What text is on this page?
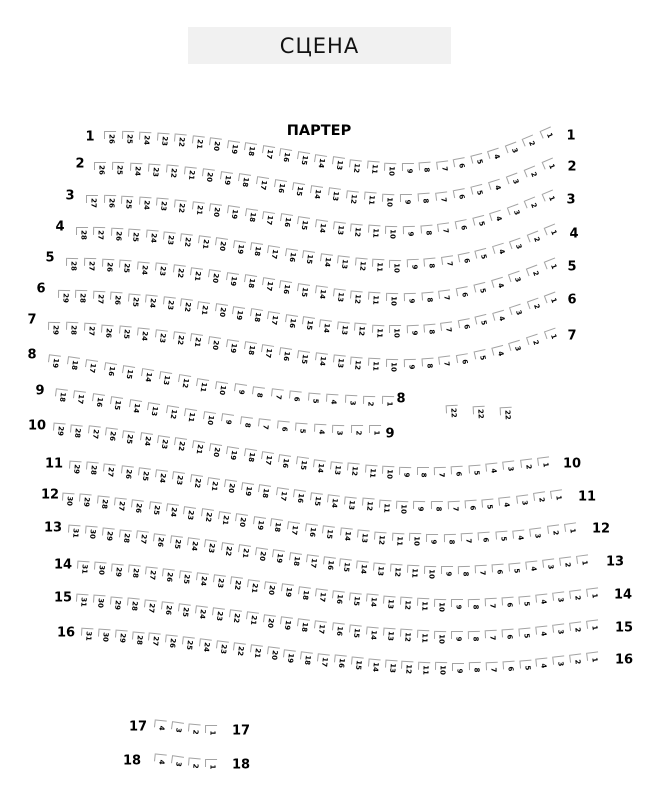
СЦЕНА
ПАРТЕР
26 25 24 23 22 21 20 19 18 17 16 15 14 13 12 11 10 9 8 7 6
5
4
3
2
1
1	1
26 25 24 23 22 21 20 19 18 17 16 15 14 13 12 11 10 9 8 7 6
5
4
3
2
1
2	2
27 26 25 24 23 22 21 20 19 18 17 16 15 14 13 12 11 10 9 8 7 6
5
4
3
2
1
3	3
28 27 26 25 24 23 22 21 20 19 18 17 16 15 14 13 12 11 10 9 8 7 6
5
4
3
2
1
4	4
28 27 26 25 24 23 22 21 20 19 18 17 16 15 14 13 12 11 10 9 8 7 6
5
4
3
2
1
5
5
29 28 27 26 25 24 23 22 21 20 19 18 17 16 15 14 13 12 11 10 9 8 7 6
5
4
3
2
1
6
6
29 28 27 26 25 24 23 22 21 20 19 18 17 16 15 14 13 12 11 10 9 8 7 6
5
4
3
2
1
7
7
19 18 17 16 15 14 13 12 11 10 9 8 7 6 5 4 3 2 1
8
8
18 17 16 15 14 13 12 11 10 9 8 7 6 5 4 3 2 1
9
9
29 28 27 26 25 24 23 22 21 20 19 18 17 16 15 14 13 12 11 10 9 8 7 6 5 4 3 2 1
10
10
29 28 27 26 25 24 23 22 21 20 19 18 17 16 15 14 13 12 11 10 9 8 7 6 5 4 3 2 1
11
11
30 29 28 27 26 25 24 23 22 21 20 19 18 17 16 15 14 13 12 11 10 9 8 7 6 5 4 3 2 1
12
12
31 30 29 28 27 26 25 24 23 22 21 20 19 18 17 16 15 14 13 12 11 10 9 8 7 6 5 4 3 2 1
13
13
31 30 29 28 27 26 25 24 23 22 21 20 19 18 17 16 15 14 13 12 11 10 9 8 7 6 5 4 3 2 1
14
14
31 30 29 28 27 26 25 24 23 22 21 20 19 18 17 16 15 14 13 12 11 10 9 8 7 6 5 4 3 2 1
15
15
31 30 29 28 27 26 25 24 23 22 21 20 19 18 17 16 15 14 13 12 11 10 9 8 7 6 5 4 3 2 1
16
16
4 3 2 1
17	17
4 3 2 1
18	18
22	22	22
